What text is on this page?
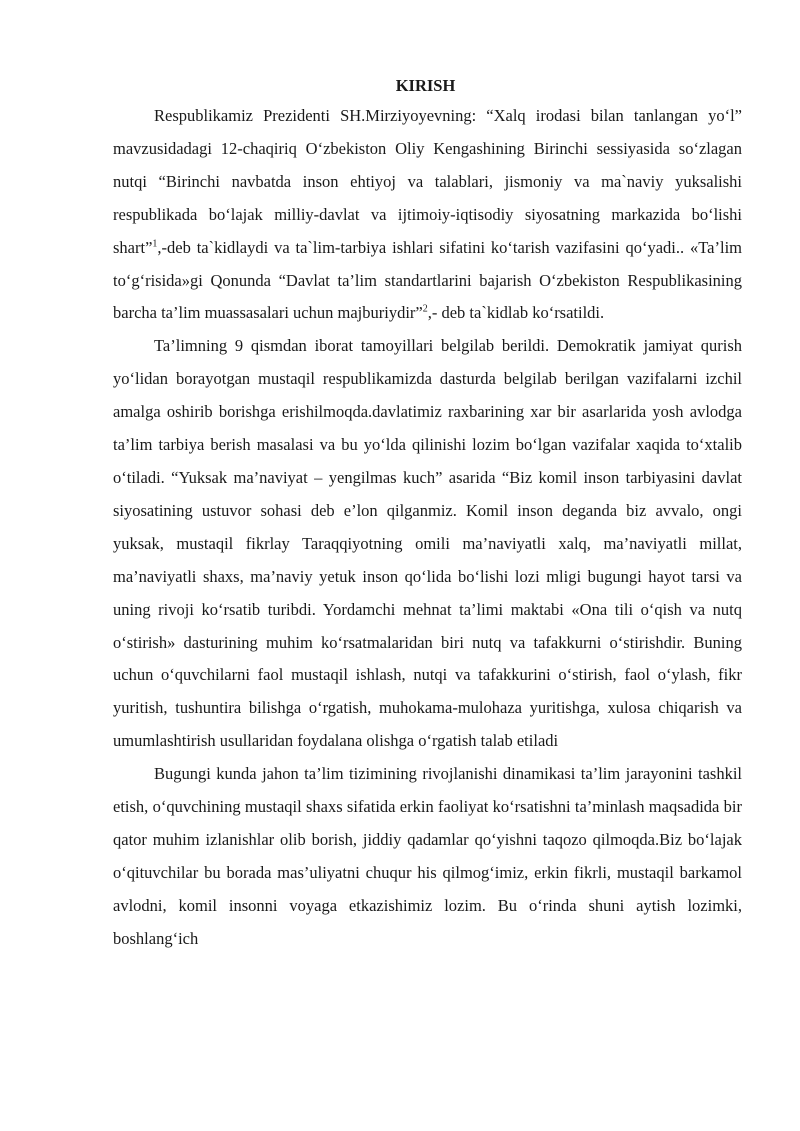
KIRISH

Respublikamiz Prezidenti SH.Mirziyoyevning: “Xalq irodasi bilan tanlangan yo‘l” mavzusidadagi 12-chaqiriq O‘zbekiston Oliy Kengashining Birinchi sessiyasida so‘zlagan nutqi “Birinchi navbatda inson ehtiyoj va talablari, jismoniy va ma`naviy yuksalishi respublikada bo‘lajak milliy-davlat va ijtimoiy-iqtisodiy siyosatning markazida bo‘lishi shart”$^1$,-deb ta`kidlaydi va ta`lim-tarbiya ishlari sifatini ko‘tarish vazifasini qo‘yadi.. «Ta’lim to‘g‘risida»gi Qonunda “Davlat ta’lim standartlarini bajarish O‘zbekiston Respublikasining barcha ta’lim muassasalari uchun majburiydir”$^2$,- deb ta`kidlab ko‘rsatildi.

Ta’limning 9 qismdan iborat tamoyillari belgilab berildi. Demokratik jamiyat qurish yo‘lidan borayotgan mustaqil respublikamizda dasturda belgilab berilgan vazifalarni izchil amalga oshirib borishga erishilmoqda.davlatimiz raxbarining xar bir asarlarida yosh avlodga ta’lim tarbiya berish masalasi va bu yo‘lda qilinishi lozim bo‘lgan vazifalar xaqida to‘xtalib o‘tiladi. “Yuksak ma’naviyat – yengilmas kuch” asarida “Biz komil inson tarbiyasini davlat siyosatining ustuvor sohasi deb e’lon qilganmiz. Komil inson deganda biz avvalo, ongi yuksak, mustaqil fikrlay Taraqqiyotning omili ma’naviyatli xalq, ma’naviyatli millat, ma’naviyatli shaxs, ma’naviy yetuk inson qo‘lida bo‘lishi lozi mligi bugungi hayot tarsi va uning rivoji ko‘rsatib turibdi. Yordamchi mehnat ta’limi maktabi «Ona tili o‘qish va nutq o‘stirish» dasturining muhim ko‘rsatmalaridan biri nutq va tafakkurni o‘stirishdir. Buning uchun o‘quvchilarni faol mustaqil ishlash, nutqi va tafakkurini o‘stirish, faol o‘ylash, fikr yuritish, tushuntira bilishga o‘rgatish, muhokama-mulohaza yuritishga, xulosa chiqarish va umumlashtirish usullaridan foydalana olishga o‘rgatish talab etiladi

Bugungi kunda jahon ta’lim tizimining rivojlanishi dinamikasi ta’lim jarayonini tashkil etish, o‘quvchining mustaqil shaxs sifatida erkin faoliyat ko‘rsatishni ta’minlash maqsadida bir qator muhim izlanishlar olib borish, jiddiy qadamlar qo‘yishni taqozo qilmoqda.Biz bo‘lajak o‘qituvchilar bu borada mas’uliyatni chuqur his qilmog‘imiz, erkin fikrli, mustaqil barkamol avlodni, komil insonni voyaga etkazishimiz lozim. Bu o‘rinda shuni aytish lozimki, boshlang‘ich
